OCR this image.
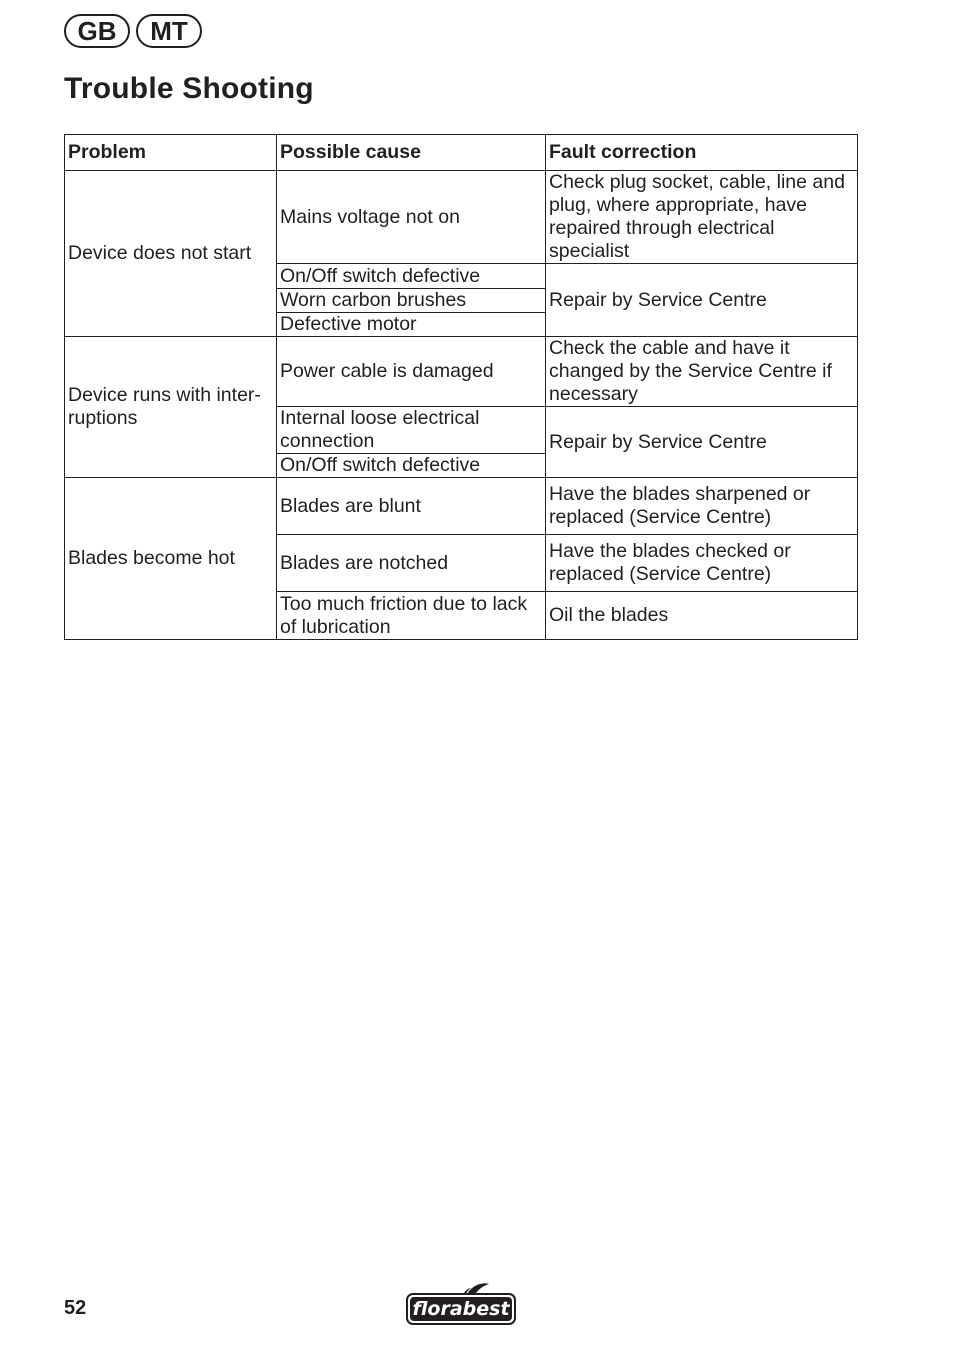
GB	MT
Trouble Shooting
Problem	Possible cause	Fault correction
Device does not start	Mains voltage not on	Check plug socket, cable, line and plug, where appropriate, have repaired through electrical specialist
	On/Off switch defective	Repair by Service Centre
	Worn carbon brushes	
	Defective motor	
Device runs with inter-ruptions	Power cable is damaged	Check the cable and have it changed by the Service Centre if necessary
	Internal loose electrical connection	Repair by Service Centre
	On/Off switch defective	
Blades become hot	Blades are blunt	Have the blades sharpened or replaced (Service Centre)
	Blades are notched	Have the blades checked or replaced (Service Centre)
	Too much friction due to lack of lubrication	Oil the blades
52	florabest
